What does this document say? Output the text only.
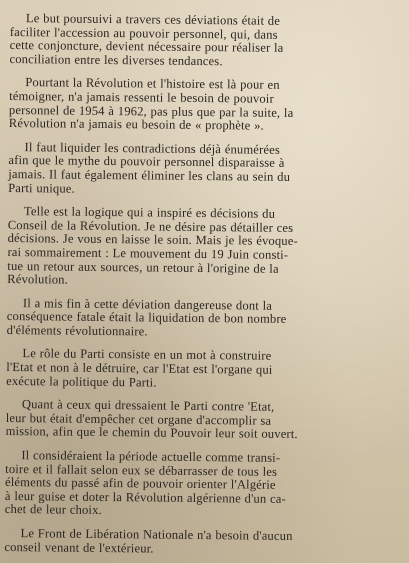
Le but poursuivi a travers ces déviations était de
faciliter l'accession au pouvoir personnel, qui, dans
cette conjoncture, devient nécessaire pour réaliser la
conciliation entre les diverses tendances.

Pourtant la Révolution et l'histoire est là pour en
témoigner, n'a jamais ressenti le besoin de pouvoir
personnel de 1954 à 1962, pas plus que par la suite, la
Révolution n'a jamais eu besoin de « prophète ».

Il faut liquider les contradictions déjà énumérées
afin que le mythe du pouvoir personnel disparaisse à
jamais. Il faut également éliminer les clans au sein du
Parti unique.

Telle est la logique qui a inspiré es décisions du
Conseil de la Révolution. Je ne désire pas détailler ces
décisions. Je vous en laisse le soin. Mais je les évoque-
rai sommairement : Le mouvement du 19 Juin consti-
tue un retour aux sources, un retour à l'origine de la
Révolution.

Il a mis fin à cette déviation dangereuse dont la
conséquence fatale était la liquidation de bon nombre
d'éléments révolutionnaire.

Le rôle du Parti consiste en un mot à construire
l'Etat et non à le détruire, car l'Etat est l'organe qui
exécute la politique du Parti.

Quant à ceux qui dressaient le Parti contre 'Etat,
leur but était d'empêcher cet organe d'accomplir sa
mission, afin que le chemin du Pouvoir leur soit ouvert.

Il considéraient la période actuelle comme transi-
toire et il fallait selon eux se débarrasser de tous les
éléments du passé afin de pouvoir orienter l'Algérie
à leur guise et doter la Révolution algérienne d'un ca-
chet de leur choix.

Le Front de Libération Nationale n'a besoin d'aucun
conseil venant de l'extérieur.
